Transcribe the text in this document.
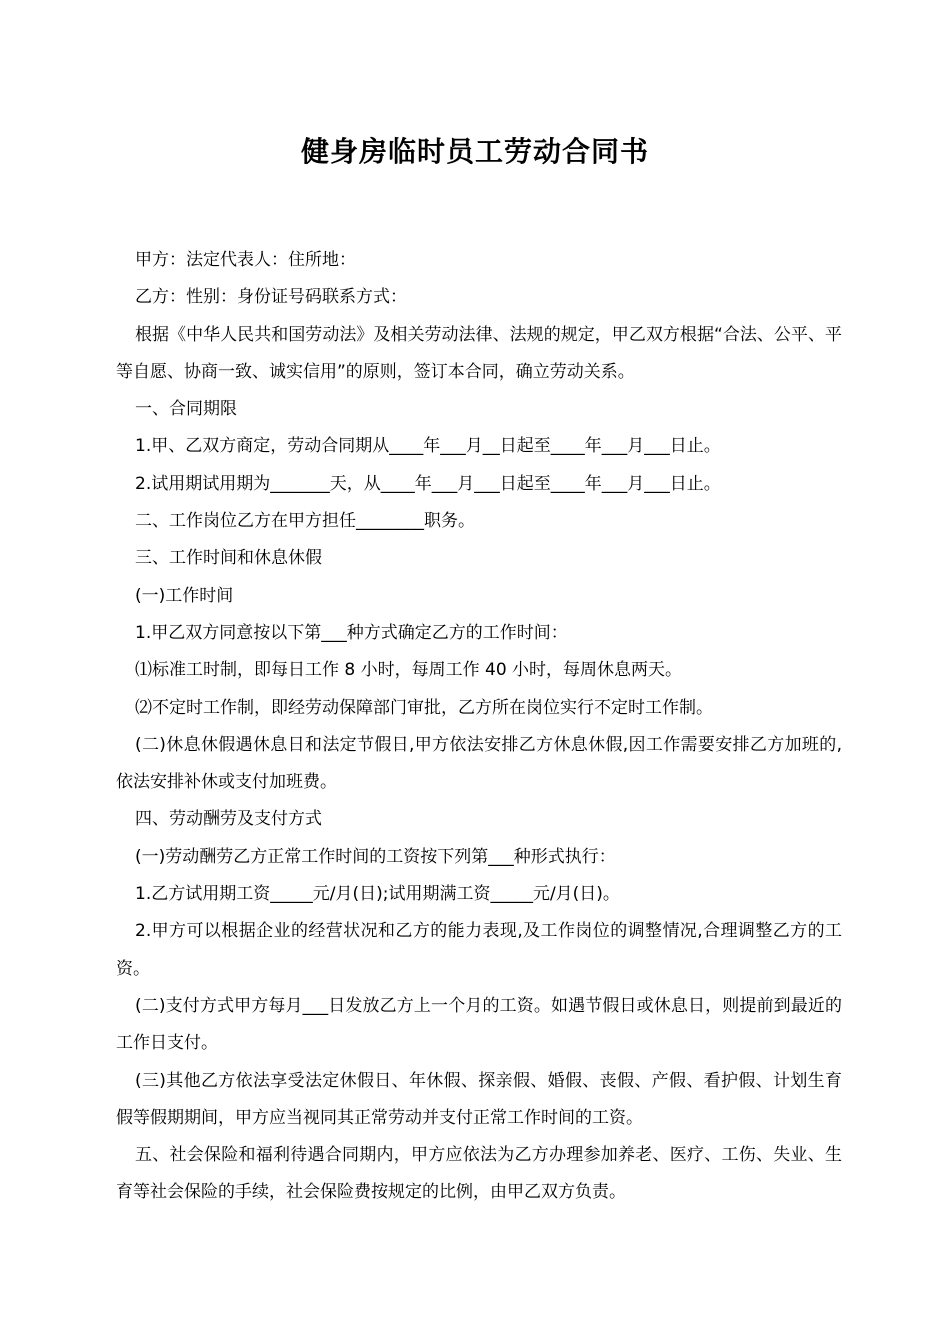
健身房临时员工劳动合同书

甲方：法定代表人：住所地：

乙方：性别：身份证号码联系方式：

根据《中华人民共和国劳动法》及相关劳动法律、法规的规定，甲乙双方根据“合法、公平、平等自愿、协商一致、诚实信用”的原则，签订本合同，确立劳动关系。

一、合同期限

1.甲、乙双方商定，劳动合同期从____年___月__日起至____年___月___日止。

2.试用期试用期为_______天，从____年___月___日起至____年___月___日止。

二、工作岗位乙方在甲方担任________职务。

三、工作时间和休息休假

(一)工作时间

1.甲乙双方同意按以下第___种方式确定乙方的工作时间：

⑴标准工时制，即每日工作 8 小时，每周工作 40 小时，每周休息两天。

⑵不定时工作制，即经劳动保障部门审批，乙方所在岗位实行不定时工作制。

(二)休息休假遇休息日和法定节假日,甲方依法安排乙方休息休假,因工作需要安排乙方加班的,依法安排补休或支付加班费。

四、劳动酬劳及支付方式

(一)劳动酬劳乙方正常工作时间的工资按下列第___种形式执行：

1.乙方试用期工资_____元/月(日);试用期满工资_____元/月(日)。

2.甲方可以根据企业的经营状况和乙方的能力表现,及工作岗位的调整情况,合理调整乙方的工资。

(二)支付方式甲方每月___日发放乙方上一个月的工资。如遇节假日或休息日，则提前到最近的工作日支付。

(三)其他乙方依法享受法定休假日、年休假、探亲假、婚假、丧假、产假、看护假、计划生育假等假期期间，甲方应当视同其正常劳动并支付正常工作时间的工资。

五、社会保险和福利待遇合同期内，甲方应依法为乙方办理参加养老、医疗、工伤、失业、生育等社会保险的手续，社会保险费按规定的比例，由甲乙双方负责。
